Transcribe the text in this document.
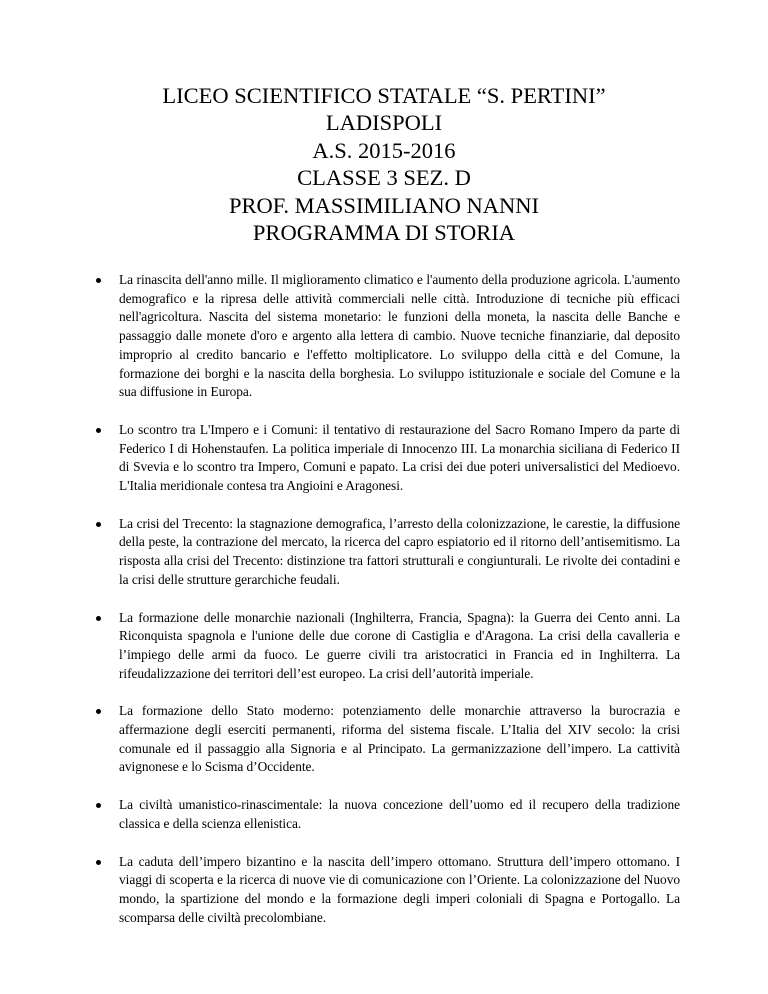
LICEO SCIENTIFICO STATALE “S. PERTINI”

LADISPOLI

A.S. 2015-2016

CLASSE 3 SEZ. D

PROF. MASSIMILIANO NANNI

PROGRAMMA DI STORIA

La rinascita dell'anno mille. Il miglioramento climatico e l'aumento della produzione agricola. L'aumento demografico e la ripresa delle attività commerciali nelle città. Introduzione di tecniche più efficaci nell'agricoltura. Nascita del sistema monetario: le funzioni della moneta, la nascita delle Banche e passaggio dalle monete d'oro e argento alla lettera di cambio. Nuove tecniche finanziarie, dal deposito improprio al credito bancario e l'effetto moltiplicatore. Lo sviluppo della città e del Comune, la formazione dei borghi e la nascita della borghesia. Lo sviluppo istituzionale e sociale del Comune e la sua diffusione in Europa.

Lo scontro tra L'Impero e i Comuni: il tentativo di restaurazione del Sacro Romano Impero da parte di Federico I di Hohenstaufen. La politica imperiale di Innocenzo III. La monarchia siciliana di Federico II di Svevia e lo scontro tra Impero, Comuni e papato. La crisi dei due poteri universalistici del Medioevo. L'Italia meridionale contesa tra Angioini e Aragonesi.

La crisi del Trecento: la stagnazione demografica, l’arresto della colonizzazione, le carestie, la diffusione della peste, la contrazione del mercato, la ricerca del capro espiatorio ed il ritorno dell’antisemitismo. La risposta alla crisi del Trecento: distinzione tra fattori strutturali e congiunturali. Le rivolte dei contadini e la crisi delle strutture gerarchiche feudali.

La formazione delle monarchie nazionali (Inghilterra, Francia, Spagna): la Guerra dei Cento anni. La Riconquista spagnola e l'unione delle due corone di Castiglia e d'Aragona. La crisi della cavalleria e l’impiego delle armi da fuoco. Le guerre civili tra aristocratici in Francia ed in Inghilterra. La rifeudalizzazione dei territori dell’est europeo. La crisi dell’autorità imperiale.

La formazione dello Stato moderno: potenziamento delle monarchie attraverso la burocrazia e affermazione degli eserciti permanenti, riforma del sistema fiscale. L’Italia del XIV secolo: la crisi comunale ed il passaggio alla Signoria e al Principato. La germanizzazione dell’impero. La cattività avignonese e lo Scisma d’Occidente.

La civiltà umanistico-rinascimentale: la nuova concezione dell’uomo ed il recupero della tradizione classica e della scienza ellenistica.

La caduta dell’impero bizantino e la nascita dell’impero ottomano. Struttura dell’impero ottomano. I viaggi di scoperta e la ricerca di nuove vie di comunicazione con l’Oriente. La colonizzazione del Nuovo mondo, la spartizione del mondo e la formazione degli imperi coloniali di Spagna e Portogallo. La scomparsa delle civiltà precolombiane.
